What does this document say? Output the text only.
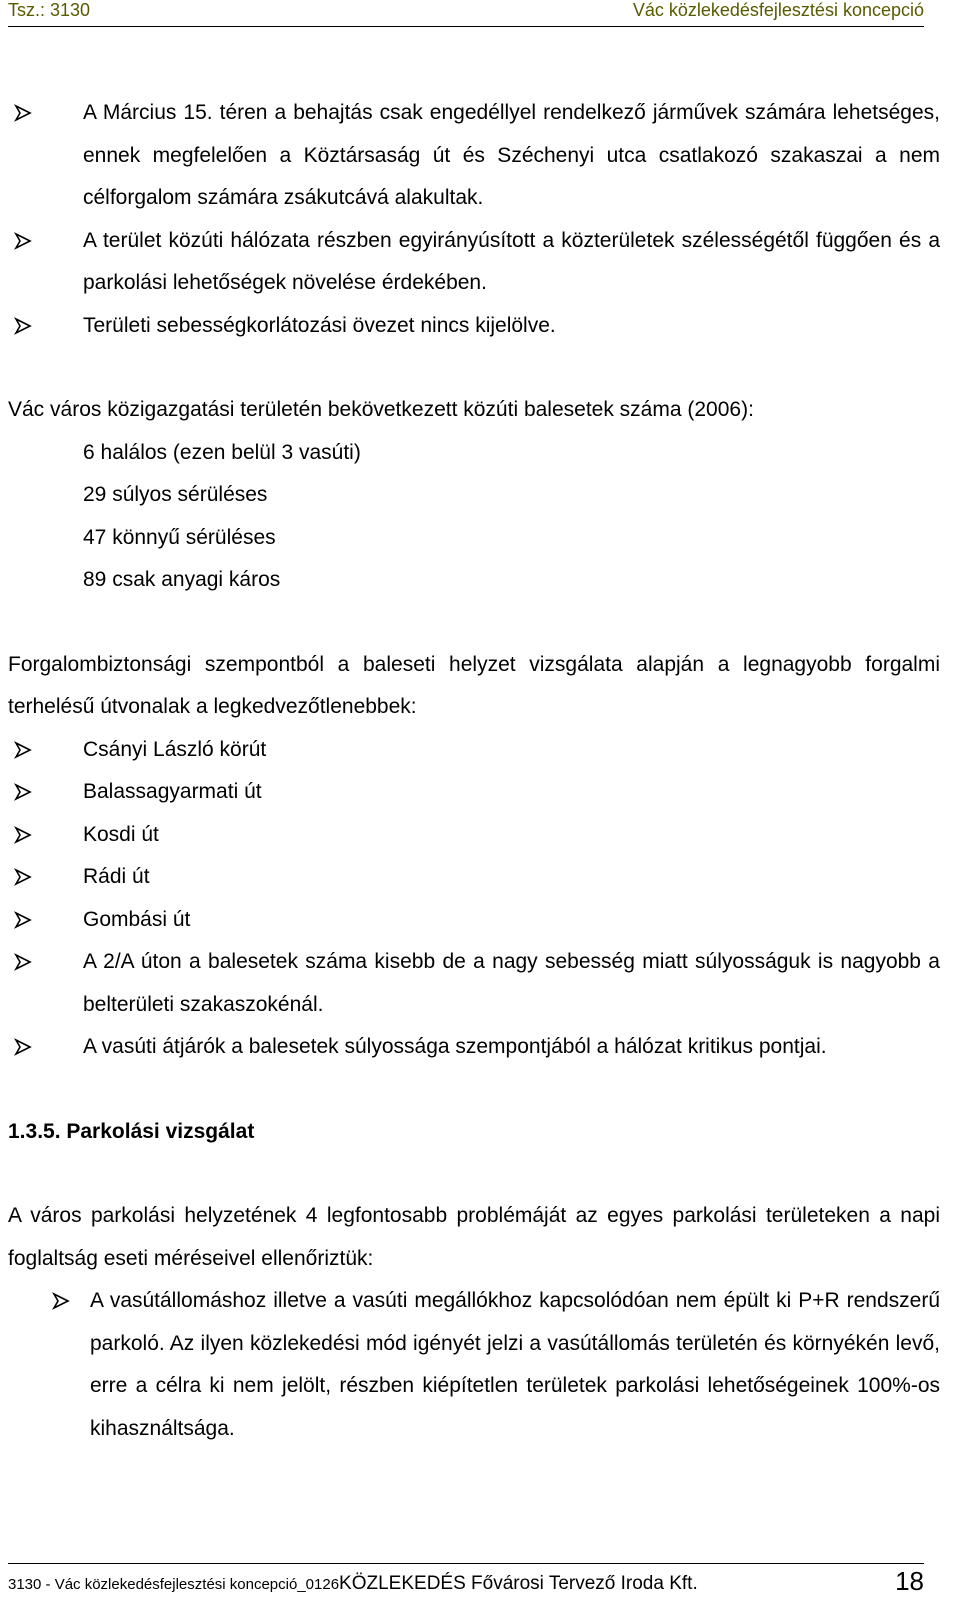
Tsz.: 3130	Vác közlekedésfejlesztési koncepció
A Március 15. téren a behajtás csak engedéllyel rendelkező járművek számára lehetséges, ennek megfelelően a Köztársaság út és Széchenyi utca csatlakozó szakaszai a nem célforgalom számára zsákutcává alakultak.
A terület közúti hálózata részben egyirányúsított a közterületek szélességétől függően és a parkolási lehetőségek növelése érdekében.
Területi sebességkorlátozási övezet nincs kijelölve.

Vác város közigazgatási területén bekövetkezett közúti balesetek száma (2006):

6 halálos (ezen belül 3 vasúti)

29 súlyos sérüléses

47 könnyű sérüléses

89 csak anyagi káros

Forgalombiztonsági szempontból a baleseti helyzet vizsgálata alapján a legnagyobb forgalmi terhelésű útvonalak a legkedvezőtlenebbek:

Csányi László körút
Balassagyarmati út
Kosdi út
Rádi út
Gombási út
A 2/A úton a balesetek száma kisebb de a nagy sebesség miatt súlyosságuk is nagyobb a belterületi szakaszokénál.
A vasúti átjárók a balesetek súlyossága szempontjából a hálózat kritikus pontjai.

1.3.5. Parkolási vizsgálat

A város parkolási helyzetének 4 legfontosabb problémáját az egyes parkolási területeken a napi foglaltság eseti méréseivel ellenőriztük:

A vasútállomáshoz illetve a vasúti megállókhoz kapcsolódóan nem épült ki P+R rendszerű parkoló. Az ilyen közlekedési mód igényét jelzi a vasútállomás területén és környékén levő, erre a célra ki nem jelölt, részben kiépítetlen területek parkolási lehetőségeinek 100%-os kihasználtsága.
3130 - Vác közlekedésfejlesztési koncepció_0126KÖZLEKEDÉS Fővárosi Tervező Iroda Kft.	18
